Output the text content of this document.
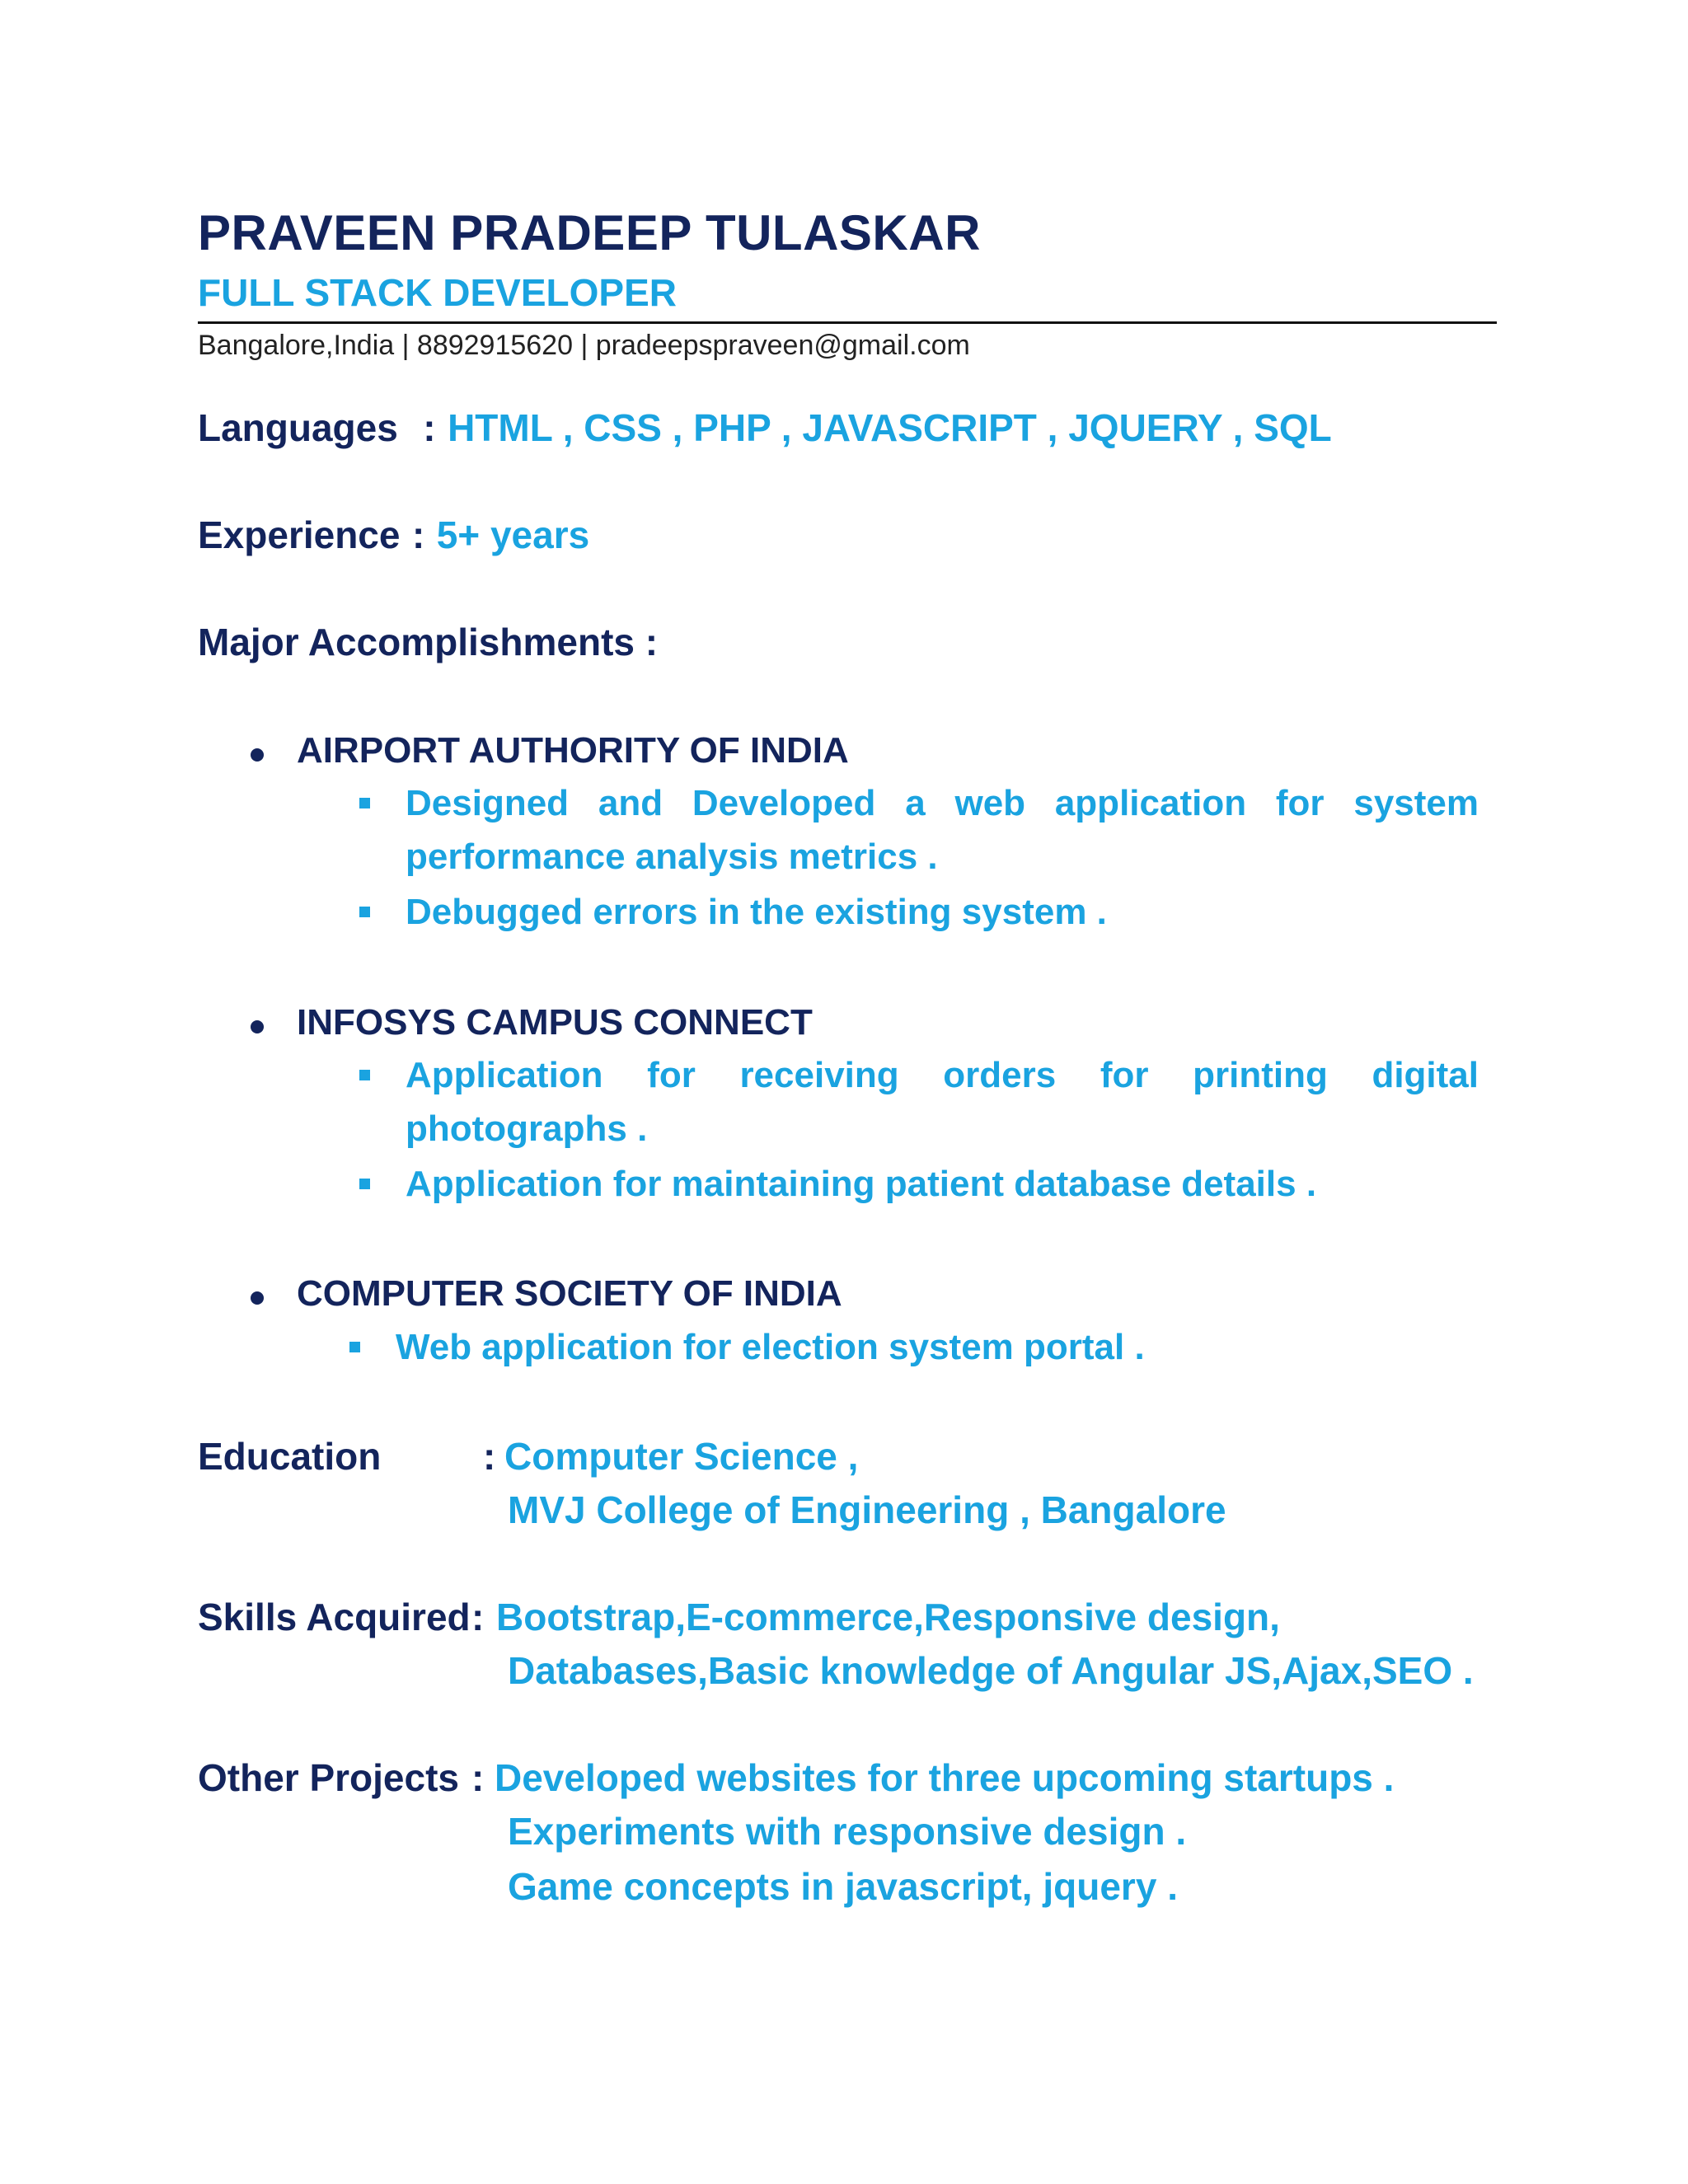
PRAVEEN PRADEEP TULASKAR
FULL STACK DEVELOPER
Bangalore,India | 8892915620 | pradeepspraveen@gmail.com
Languages : HTML , CSS , PHP , JAVASCRIPT , JQUERY , SQL
Experience : 5+ years
Major Accomplishments :
AIRPORT AUTHORITY OF INDIA
Designed and Developed a web application for system
performance analysis metrics .
Debugged errors in the existing system .
INFOSYS CAMPUS CONNECT
Application for receiving orders for printing digital
photographs .
Application for maintaining patient database details .
COMPUTER SOCIETY OF INDIA
Web application for election system portal .
Education	: Computer Science ,
MVJ College of Engineering , Bangalore
Skills Acquired : Bootstrap,E-commerce,Responsive design,
Databases,Basic knowledge of Angular JS,Ajax,SEO .
Other Projects : Developed websites for three upcoming startups .
Experiments with responsive design .
Game concepts in javascript, jquery .
